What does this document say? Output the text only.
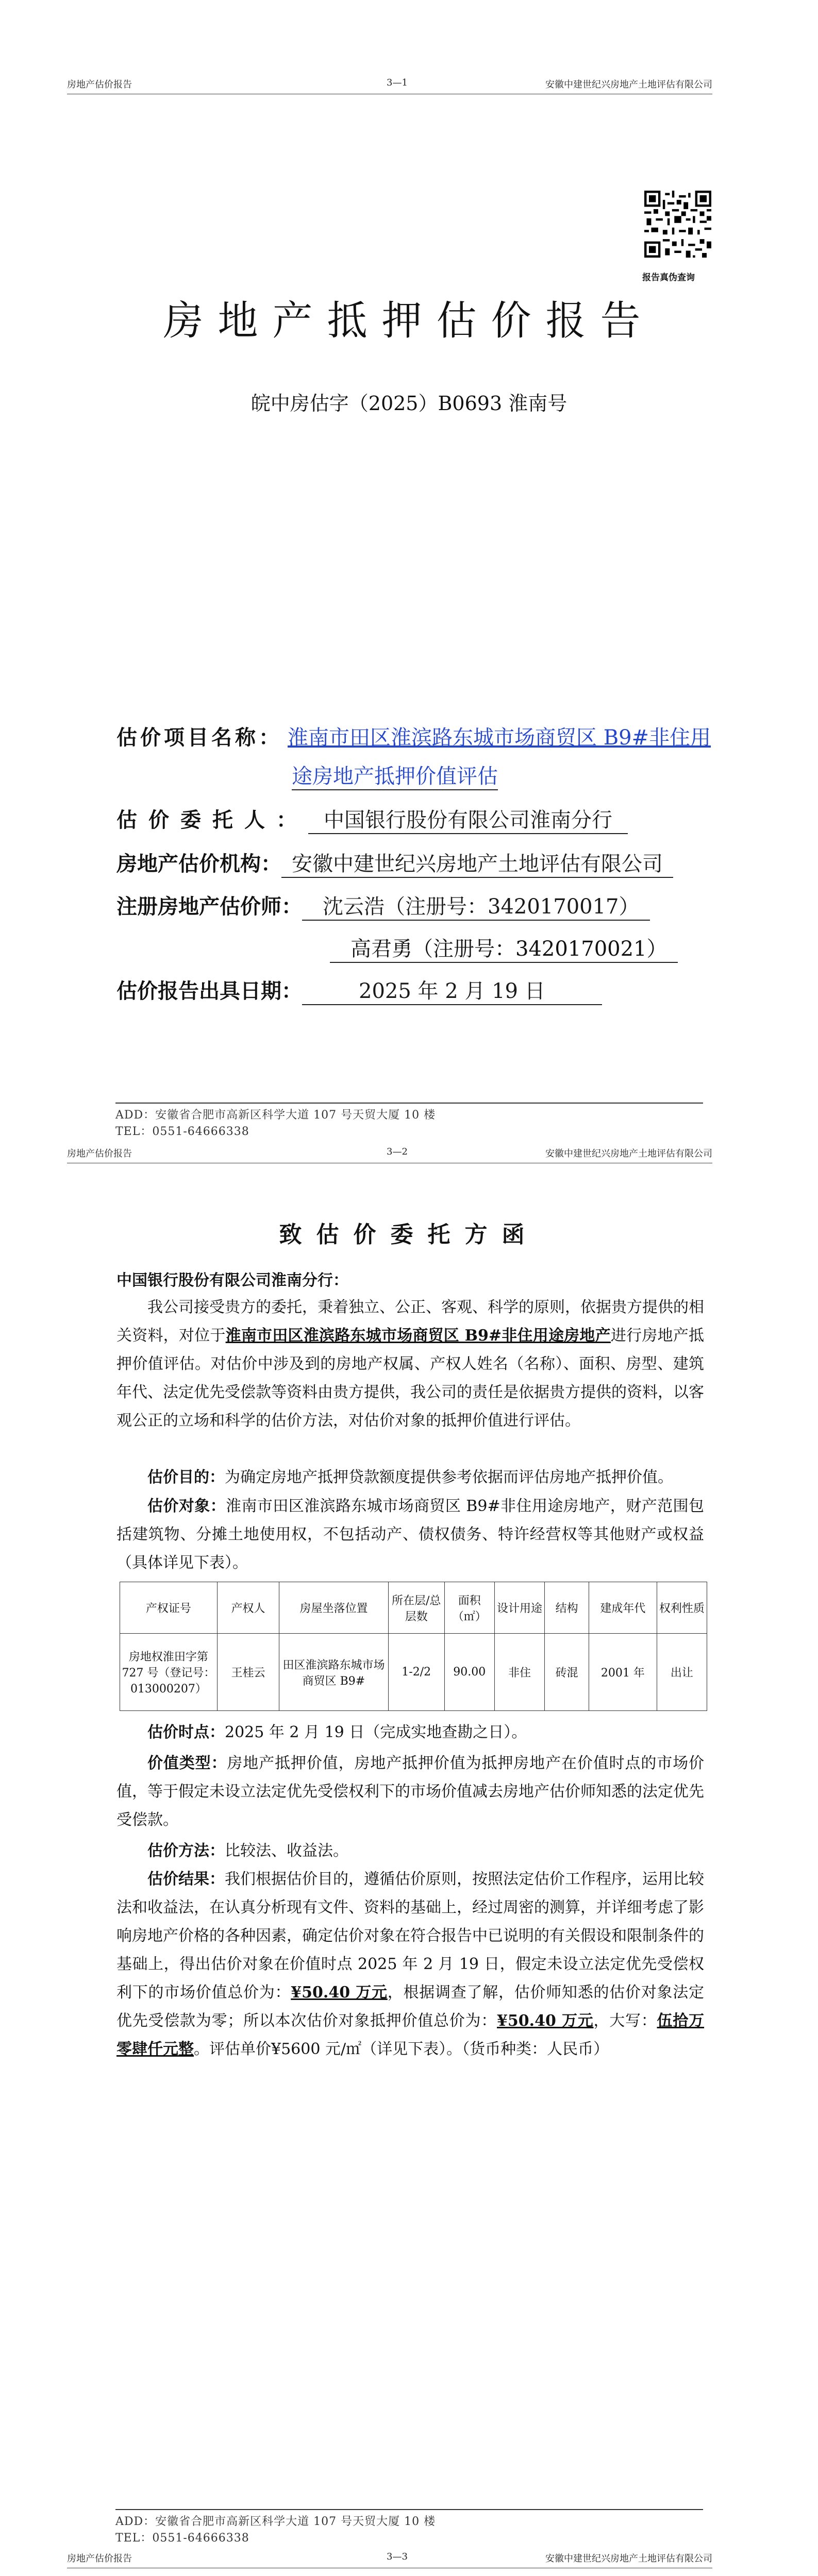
房地产估价报告	3—1	安徽中建世纪兴房地产土地评估有限公司
报告真伪查询
房地产抵押估价报告
皖中房估字（2025）B0693 淮南号
估价项目名称： 淮南市田区淮滨路东城市场商贸区 B9#非住用
途房地产抵押价值评估
估价委托人： 中国银行股份有限公司淮南分行
房地产估价机构： 安徽中建世纪兴房地产土地评估有限公司
注册房地产估价师：	沈云浩（注册号：3420170017）
高君勇（注册号：3420170021）
估价报告出具日期：	2025 年 2 月 19 日
ADD：安徽省合肥市高新区科学大道 107 号天贸大厦 10 楼
TEL：0551-64666338
房地产估价报告	3—2	安徽中建世纪兴房地产土地评估有限公司
致估价委托方函
中国银行股份有限公司淮南分行：
我公司接受贵方的委托，秉着独立、公正、客观、科学的原则，依据贵方提供的相关资料，对位于淮南市田区淮滨路东城市场商贸区 B9#非住用途房地产进行房地产抵押价值评估。对估价中涉及到的房地产权属、产权人姓名（名称）、面积、房型、建筑年代、法定优先受偿款等资料由贵方提供，我公司的责任是依据贵方提供的资料，以客观公正的立场和科学的估价方法，对估价对象的抵押价值进行评估。
估价目的：为确定房地产抵押贷款额度提供参考依据而评估房地产抵押价值。
估价对象：淮南市田区淮滨路东城市场商贸区 B9#非住用途房地产，财产范围包括建筑物、分摊土地使用权，不包括动产、债权债务、特许经营权等其他财产或权益（具体详见下表）。
产权证号	产权人	房屋坐落位置	所在层/总层数	面积（㎡）	设计用途	结构	建成年代	权利性质
房地权淮田字第 727 号（登记号：013000207）	王桂云	田区淮滨路东城市场商贸区 B9#	1-2/2	90.00	非住	砖混	2001 年	出让
估价时点：2025 年 2 月 19 日（完成实地查勘之日）。
价值类型：房地产抵押价值，房地产抵押价值为抵押房地产在价值时点的市场价值，等于假定未设立法定优先受偿权利下的市场价值减去房地产估价师知悉的法定优先受偿款。
估价方法：比较法、收益法。
估价结果：我们根据估价目的，遵循估价原则，按照法定估价工作程序，运用比较法和收益法，在认真分析现有文件、资料的基础上，经过周密的测算，并详细考虑了影响房地产价格的各种因素，确定估价对象在符合报告中已说明的有关假设和限制条件的基础上，得出估价对象在价值时点 2025 年 2 月 19 日，假定未设立法定优先受偿权利下的市场价值总价为：¥50.40 万元，根据调查了解，估价师知悉的估价对象法定优先受偿款为零；所以本次估价对象抵押价值总价为：¥50.40 万元，大写：伍拾万零肆仟元整。评估单价¥5600 元/㎡（详见下表）。（货币种类：人民币）
ADD：安徽省合肥市高新区科学大道 107 号天贸大厦 10 楼
TEL：0551-64666338
房地产估价报告	3—3	安徽中建世纪兴房地产土地评估有限公司
